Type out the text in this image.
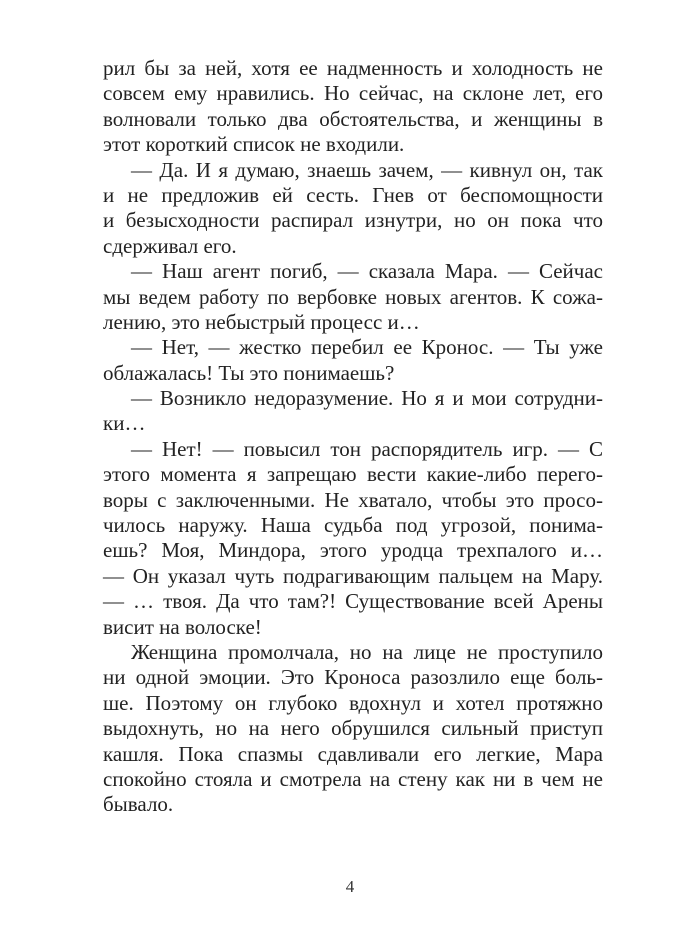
рил бы за ней, хотя ее надменность и холодность не
совсем ему нравились. Но сейчас, на склоне лет, его
волновали только два обстоятельства, и женщины в
этот короткий список не входили.
— Да. И я думаю, знаешь зачем, — кивнул он, так
и не предложив ей сесть. Гнев от беспомощности
и безысходности распирал изнутри, но он пока что
сдерживал его.
— Наш агент погиб, — сказала Мара. — Сейчас
мы ведем работу по вербовке новых агентов. К сожа-
лению, это небыстрый процесс и…
— Нет, — жестко перебил ее Кронос. — Ты уже
облажалась! Ты это понимаешь?
— Возникло недоразумение. Но я и мои сотрудни-
ки…
— Нет! — повысил тон распорядитель игр. — С
этого момента я запрещаю вести какие-либо перего-
воры с заключенными. Не хватало, чтобы это просо-
чилось наружу. Наша судьба под угрозой, понима-
ешь? Моя, Миндора, этого уродца трехпалого и…
— Он указал чуть подрагивающим пальцем на Мару.
— … твоя. Да что там?! Существование всей Арены
висит на волоске!
Женщина промолчала, но на лице не проступило
ни одной эмоции. Это Кроноса разозлило еще боль-
ше. Поэтому он глубоко вдохнул и хотел протяжно
выдохнуть, но на него обрушился сильный приступ
кашля. Пока спазмы сдавливали его легкие, Мара
спокойно стояла и смотрела на стену как ни в чем не
бывало.
4
